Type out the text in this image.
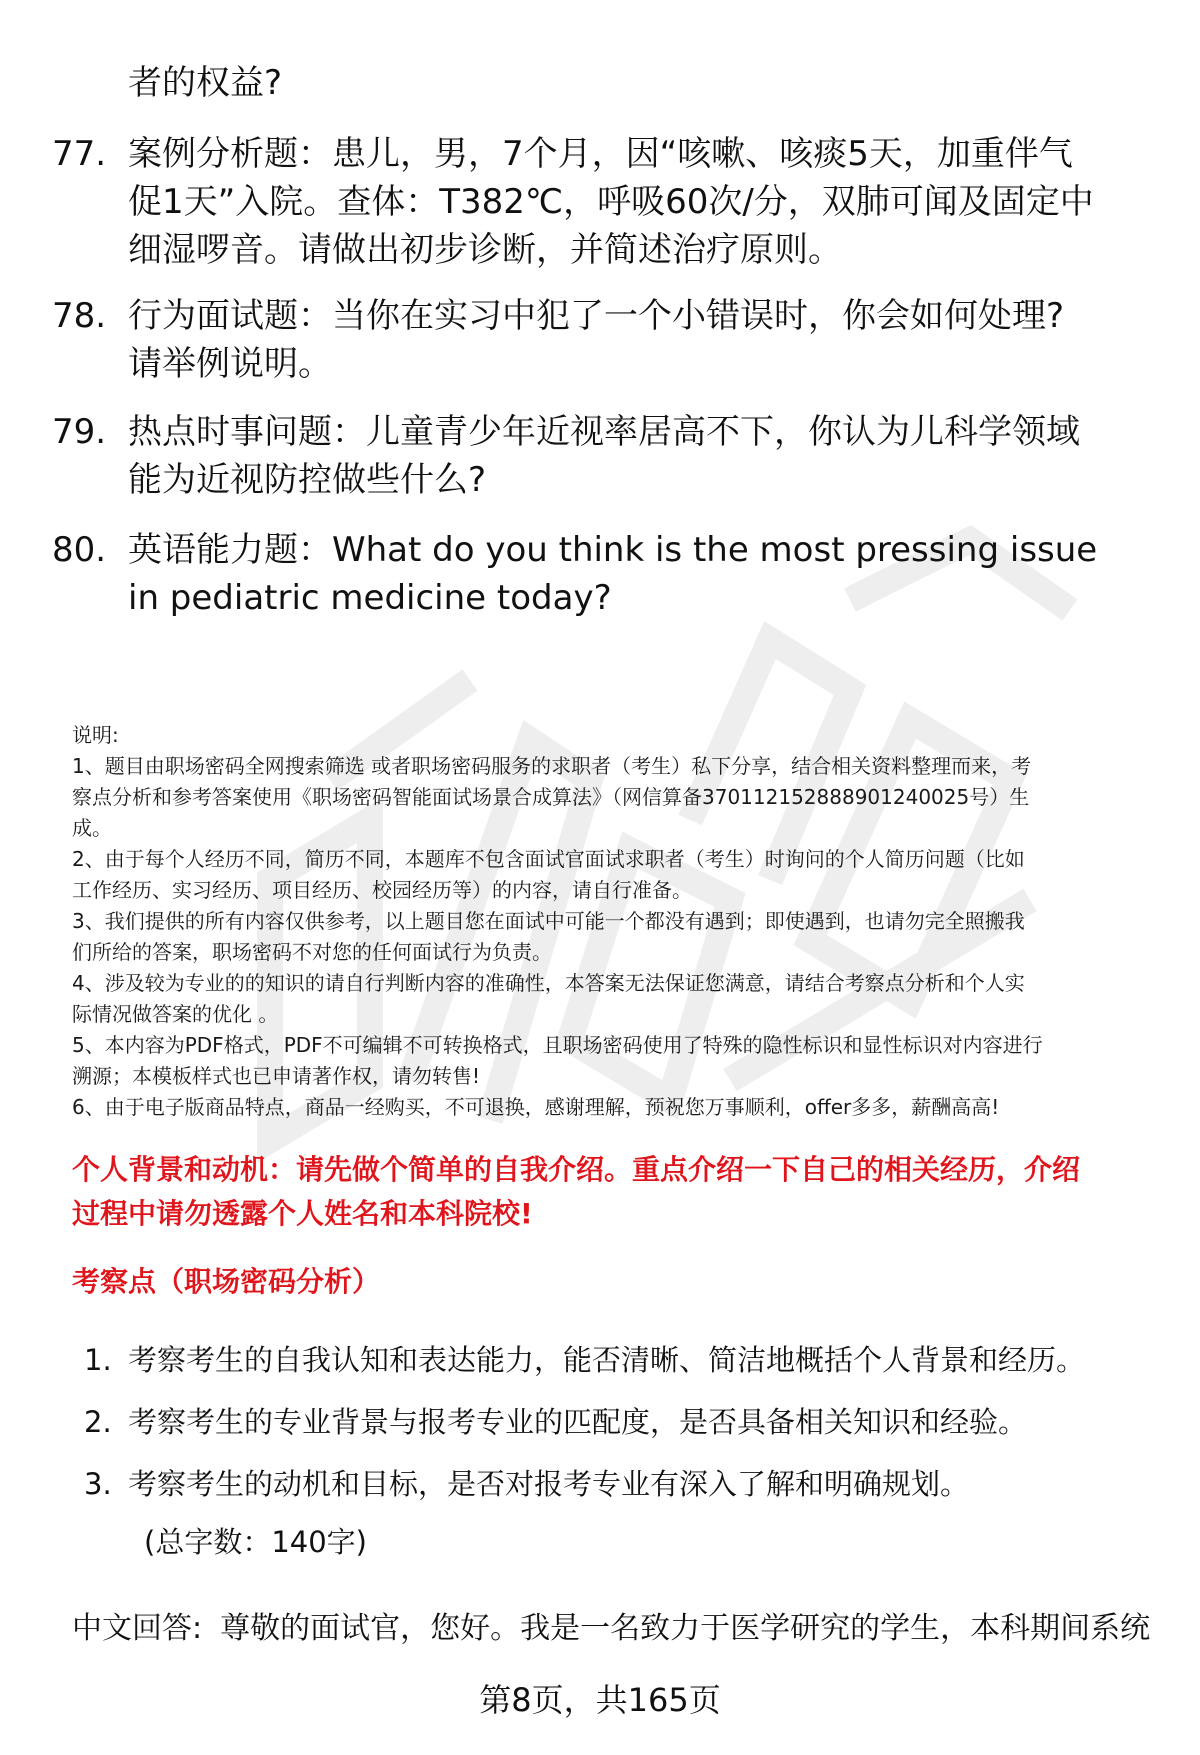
者的权益?
77. 案例分析题：患儿，男，7个月，因“咳嗽、咳痰5天，加重伴气
促1天”入院。查体：T382℃，呼吸60次/分，双肺可闻及固定中
细湿啰音。请做出初步诊断，并简述治疗原则。
78. 行为面试题：当你在实习中犯了一个小错误时，你会如何处理?
请举例说明。
79. 热点时事问题：儿童青少年近视率居高不下，你认为儿科学领域
能为近视防控做些什么?
80. 英语能力题：What do you think is the most pressing issue
in pediatric medicine today?

说明:

1、题目由职场密码全网搜索筛选 或者职场密码服务的求职者（考生）私下分享，结合相关资料整理而来，考

察点分析和参考答案使用《职场密码智能面试场景合成算法》（网信算备370112152888901240025号）生

成。

2、由于每个人经历不同，简历不同，本题库不包含面试官面试求职者（考生）时询问的个人简历问题（比如

工作经历、实习经历、项目经历、校园经历等）的内容，请自行准备。

3、我们提供的所有内容仅供参考，以上题目您在面试中可能一个都没有遇到；即使遇到，也请勿完全照搬我

们所给的答案，职场密码不对您的任何面试行为负责。

4、涉及较为专业的的知识的请自行判断内容的准确性，本答案无法保证您满意，请结合考察点分析和个人实

际情况做答案的优化 。

5、本内容为PDF格式，PDF不可编辑不可转换格式，且职场密码使用了特殊的隐性标识和显性标识对内容进行

溯源；本模板样式也已申请著作权，请勿转售!

6、由于电子版商品特点，商品一经购买，不可退换，感谢理解，预祝您万事顺利，offer多多，薪酬高高!

个人背景和动机：请先做个简单的自我介绍。重点介绍一下自己的相关经历，介绍
过程中请勿透露个人姓名和本科院校!
考察点（职场密码分析）
1. 考察考生的自我认知和表达能力，能否清晰、简洁地概括个人背景和经历。
2. 考察考生的专业背景与报考专业的匹配度，是否具备相关知识和经验。
3. 考察考生的动机和目标，是否对报考专业有深入了解和明确规划。
(总字数：140字)
中文回答: 尊敬的面试官，您好。我是一名致力于医学研究的学生，本科期间系统
第8页，共165页
